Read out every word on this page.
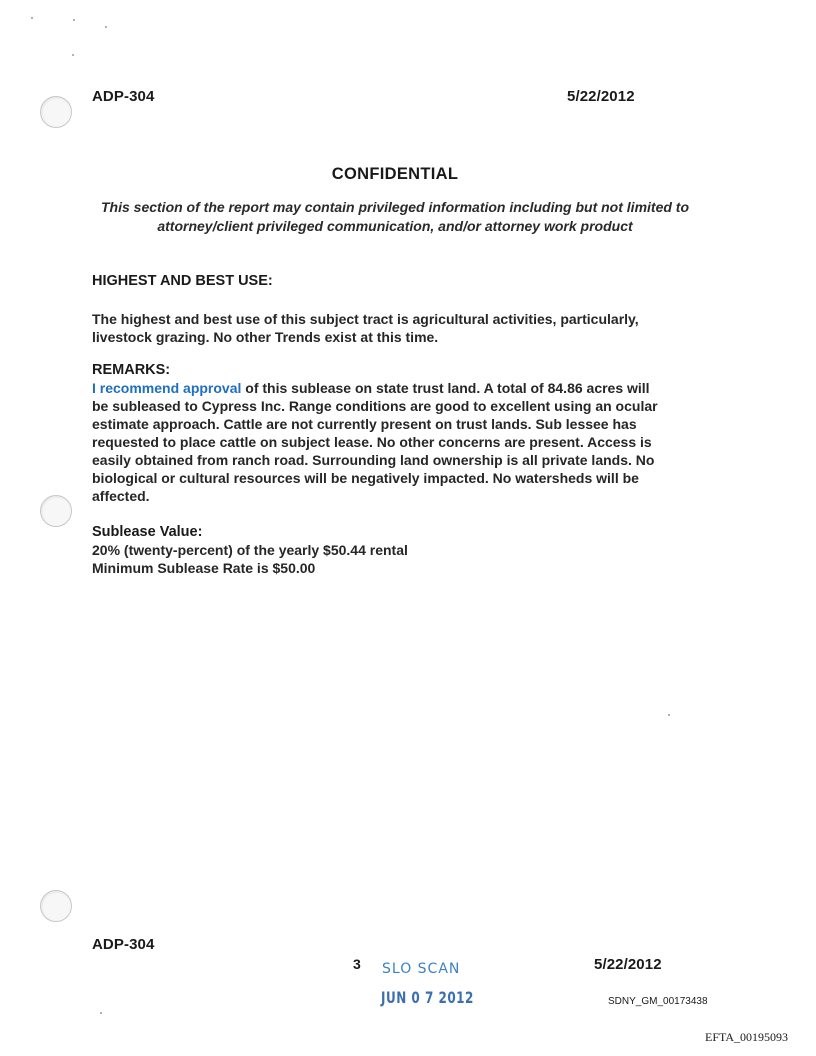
ADP-304	5/22/2012
CONFIDENTIAL
This section of the report may contain privileged information including but not limited to
attorney/client privileged communication, and/or attorney work product
HIGHEST AND BEST USE:
The highest and best use of this subject tract is agricultural activities, particularly,
livestock grazing. No other Trends exist at this time.
REMARKS:
I recommend approval of this sublease on state trust land. A total of 84.86 acres will
be subleased to Cypress Inc. Range conditions are good to excellent using an ocular
estimate approach. Cattle are not currently present on trust lands. Sub lessee has
requested to place cattle on subject lease. No other concerns are present. Access is
easily obtained from ranch road. Surrounding land ownership is all private lands. No
biological or cultural resources will be negatively impacted. No watersheds will be
affected.
Sublease Value:
20% (twenty-percent) of the yearly $50.44 rental
Minimum Sublease Rate is $50.00
ADP-304
3 SLO SCAN
JUN 0 7 2012
5/22/2012
SDNY_GM_00173438
EFTA_00195093
